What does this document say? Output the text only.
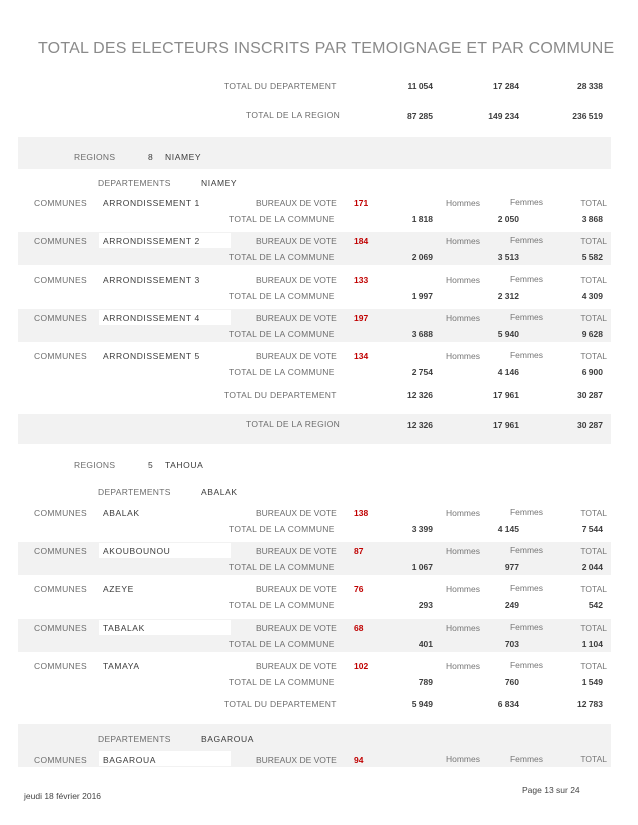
TOTAL DES ELECTEURS INSCRITS PAR TEMOIGNAGE ET PAR COMMUNE
TOTAL DU DEPARTEMENT	11 054	17 284	28 338
TOTAL DE LA REGION	87 285	149 234	236 519
REGIONS	8 NIAMEY
DEPARTEMENTS	NIAMEY
COMMUNES ARRONDISSEMENT 1	BUREAUX DE VOTE 171	Hommes	Femmes	TOTAL
TOTAL DE LA COMMUNE	1 818	2 050	3 868
COMMUNES ARRONDISSEMENT 2	BUREAUX DE VOTE 184	Hommes	Femmes	TOTAL
TOTAL DE LA COMMUNE	2 069	3 513	5 582
COMMUNES ARRONDISSEMENT 3	BUREAUX DE VOTE 133	Hommes	Femmes	TOTAL
TOTAL DE LA COMMUNE	1 997	2 312	4 309
COMMUNES ARRONDISSEMENT 4	BUREAUX DE VOTE 197	Hommes	Femmes	TOTAL
TOTAL DE LA COMMUNE	3 688	5 940	9 628
COMMUNES ARRONDISSEMENT 5	BUREAUX DE VOTE 134	Hommes	Femmes	TOTAL
TOTAL DE LA COMMUNE	2 754	4 146	6 900
TOTAL DU DEPARTEMENT	12 326	17 961	30 287
TOTAL DE LA REGION	12 326	17 961	30 287
REGIONS	5 TAHOUA
DEPARTEMENTS	ABALAK
COMMUNES ABALAK	BUREAUX DE VOTE 138	Hommes	Femmes	TOTAL
TOTAL DE LA COMMUNE	3 399	4 145	7 544
COMMUNES AKOUBOUNOU	BUREAUX DE VOTE 87	Hommes	Femmes	TOTAL
TOTAL DE LA COMMUNE	1 067	977	2 044
COMMUNES AZEYE	BUREAUX DE VOTE 76	Hommes	Femmes	TOTAL
TOTAL DE LA COMMUNE	293	249	542
COMMUNES TABALAK	BUREAUX DE VOTE 68	Hommes	Femmes	TOTAL
TOTAL DE LA COMMUNE	401	703	1 104
COMMUNES TAMAYA	BUREAUX DE VOTE 102	Hommes	Femmes	TOTAL
TOTAL DE LA COMMUNE	789	760	1 549
TOTAL DU DEPARTEMENT	5 949	6 834	12 783
DEPARTEMENTS	BAGAROUA
COMMUNES BAGAROUA	BUREAUX DE VOTE 94	Hommes	Femmes	TOTAL
jeudi 18 février 2016
Page 13 sur 24
